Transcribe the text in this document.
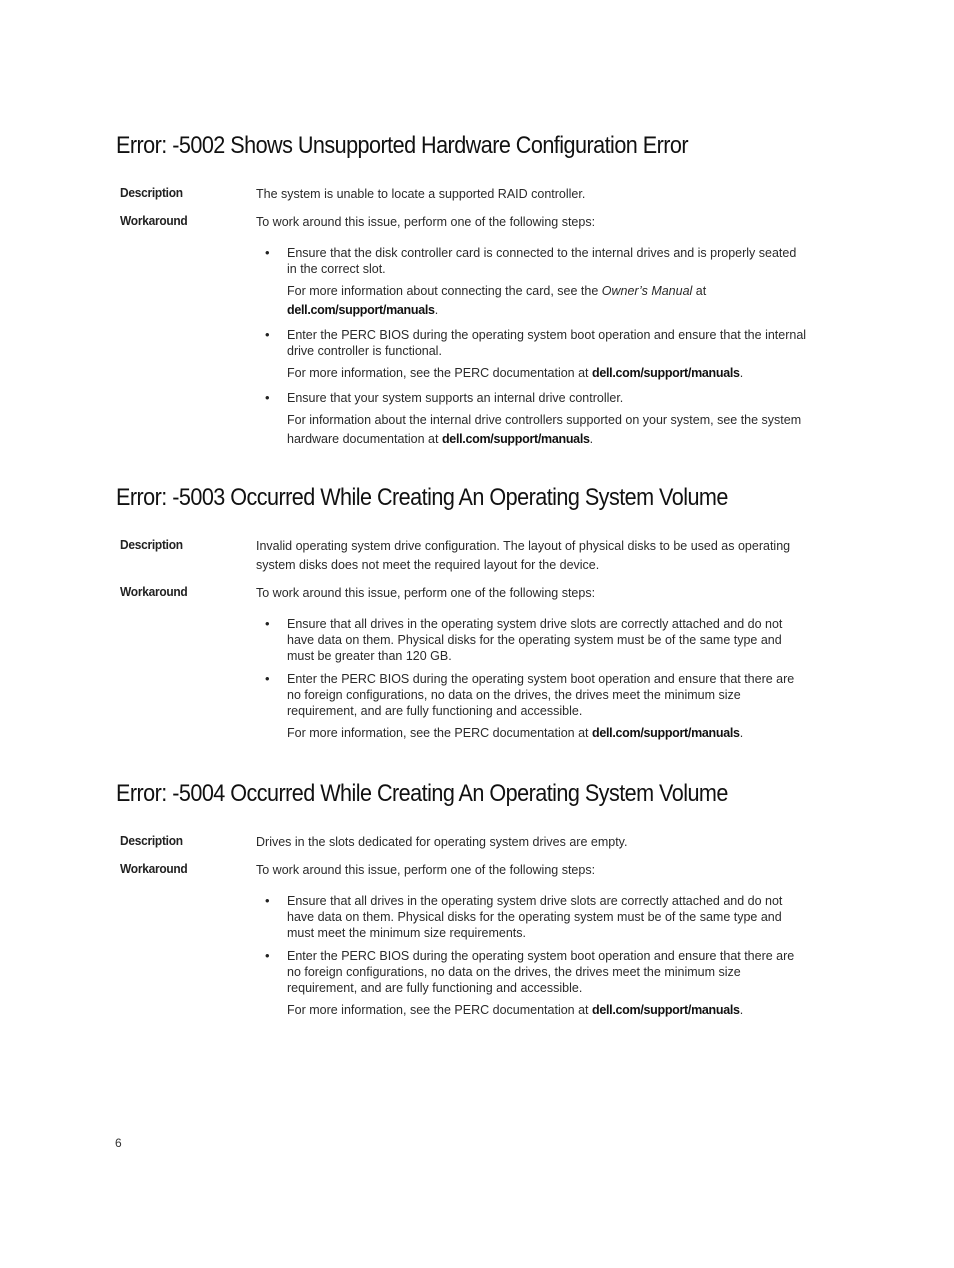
Error: -5002 Shows Unsupported Hardware Configuration Error
Description	The system is unable to locate a supported RAID controller.
Workaround	To work around this issue, perform one of the following steps:
• Ensure that the disk controller card is connected to the internal drives and is properly seated in the correct slot.
For more information about connecting the card, see the Owner’s Manual at dell.com/support/manuals.
• Enter the PERC BIOS during the operating system boot operation and ensure that the internal drive controller is functional.
For more information, see the PERC documentation at dell.com/support/manuals.
• Ensure that your system supports an internal drive controller.
For information about the internal drive controllers supported on your system, see the system hardware documentation at dell.com/support/manuals.
Error: -5003 Occurred While Creating An Operating System Volume
Description	Invalid operating system drive configuration. The layout of physical disks to be used as operating system disks does not meet the required layout for the device.
Workaround	To work around this issue, perform one of the following steps:
• Ensure that all drives in the operating system drive slots are correctly attached and do not have data on them. Physical disks for the operating system must be of the same type and must be greater than 120 GB.
• Enter the PERC BIOS during the operating system boot operation and ensure that there are no foreign configurations, no data on the drives, the drives meet the minimum size requirement, and are fully functioning and accessible.
For more information, see the PERC documentation at dell.com/support/manuals.
Error: -5004 Occurred While Creating An Operating System Volume
Description	Drives in the slots dedicated for operating system drives are empty.
Workaround	To work around this issue, perform one of the following steps:
• Ensure that all drives in the operating system drive slots are correctly attached and do not have data on them. Physical disks for the operating system must be of the same type and must meet the minimum size requirements.
• Enter the PERC BIOS during the operating system boot operation and ensure that there are no foreign configurations, no data on the drives, the drives meet the minimum size requirement, and are fully functioning and accessible.
For more information, see the PERC documentation at dell.com/support/manuals.
6
